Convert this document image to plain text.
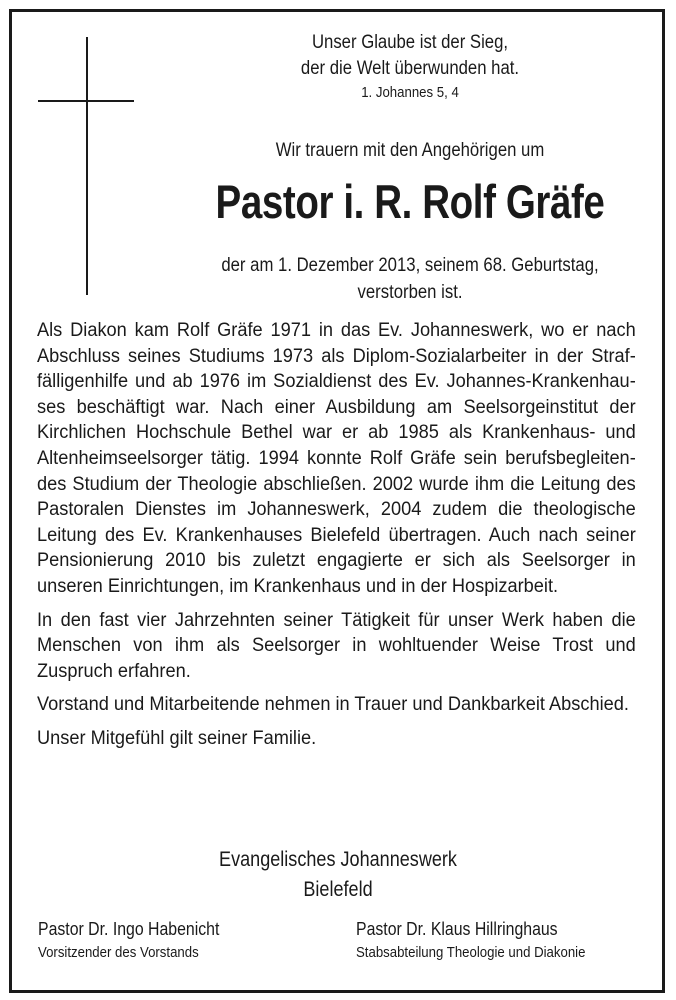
Unser Glaube ist der Sieg,
der die Welt überwunden hat.
1. Johannes 5, 4
Wir trauern mit den Angehörigen um
Pastor i. R. Rolf Gräfe
der am 1. Dezember 2013, seinem 68. Geburtstag,
verstorben ist.

Als Diakon kam Rolf Gräfe 1971 in das Ev. Johanneswerk, wo er nach Abschluss seines Studiums 1973 als Diplom-Sozialarbeiter in der Straffälligenhilfe und ab 1976 im Sozialdienst des Ev. Johannes-Krankenhauses beschäftigt war. Nach einer Ausbildung am Seelsorgeinstitut der Kirchlichen Hochschule Bethel war er ab 1985 als Krankenhaus- und Altenheimseelsorger tätig. 1994 konnte Rolf Gräfe sein berufsbegleitendes Studium der Theologie abschließen. 2002 wurde ihm die Leitung des Pastoralen Dienstes im Johanneswerk, 2004 zudem die theologische Leitung des Ev. Krankenhauses Bielefeld übertragen. Auch nach seiner Pensionierung 2010 bis zuletzt engagierte er sich als Seelsorger in unseren Einrichtungen, im Krankenhaus und in der Hospizarbeit.

In den fast vier Jahrzehnten seiner Tätigkeit für unser Werk haben die Menschen von ihm als Seelsorger in wohltuender Weise Trost und Zuspruch erfahren.

Vorstand und Mitarbeitende nehmen in Trauer und Dankbarkeit Abschied.

Unser Mitgefühl gilt seiner Familie.

Evangelisches Johanneswerk
Bielefeld
Pastor Dr. Ingo Habenicht
Vorsitzender des Vorstands
Pastor Dr. Klaus Hillringhaus
Stabsabteilung Theologie und Diakonie
